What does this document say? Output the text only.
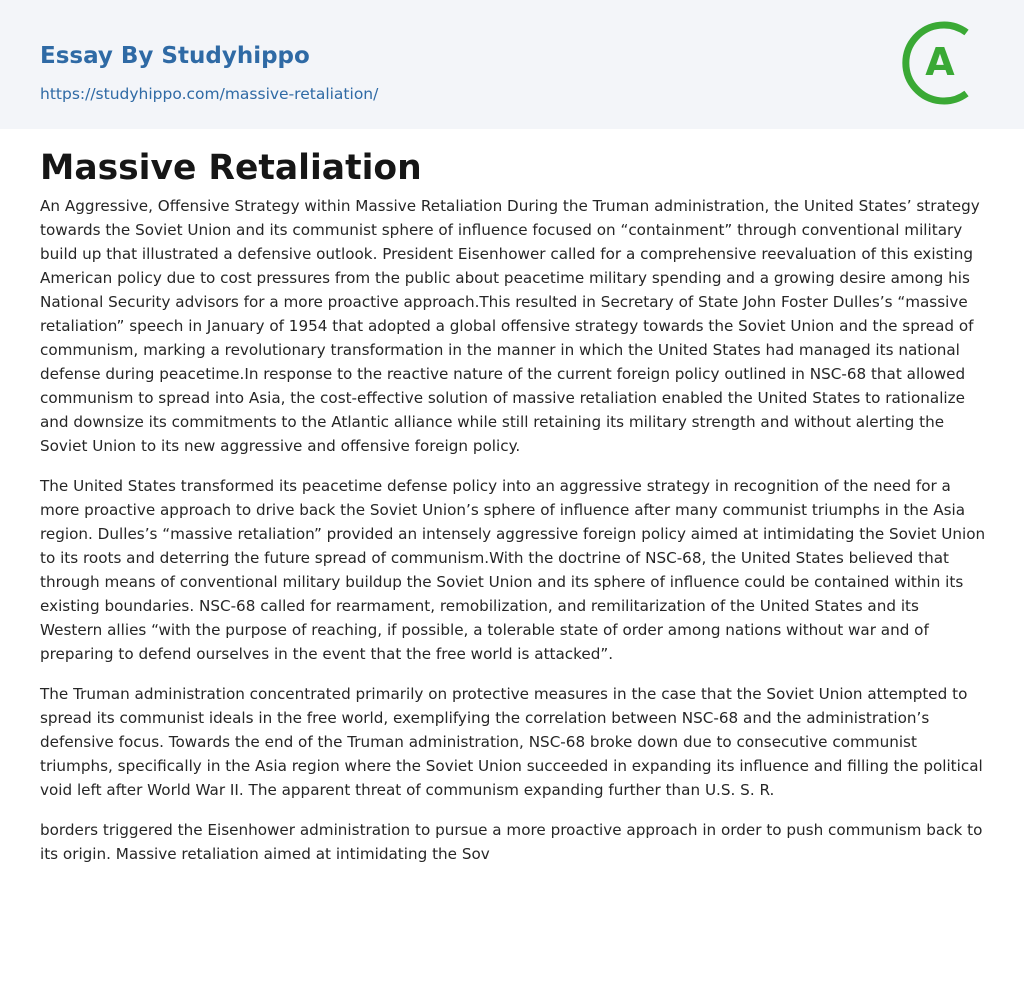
Essay By Studyhippo
https://studyhippo.com/massive-retaliation/
A
Massive Retaliation

An Aggressive, Offensive Strategy within Massive Retaliation During the Truman administration, the United States’ strategy towards the Soviet Union and its communist sphere of influence focused on “containment” through conventional military build up that illustrated a defensive outlook. President Eisenhower called for a comprehensive reevaluation of this existing American policy due to cost pressures from the public about peacetime military spending and a growing desire among his National Security advisors for a more proactive approach.This resulted in Secretary of State John Foster Dulles’s “massive retaliation” speech in January of 1954 that adopted a global offensive strategy towards the Soviet Union and the spread of communism, marking a revolutionary transformation in the manner in which the United States had managed its national defense during peacetime.In response to the reactive nature of the current foreign policy outlined in NSC-68 that allowed communism to spread into Asia, the cost-effective solution of massive retaliation enabled the United States to rationalize and downsize its commitments to the Atlantic alliance while still retaining its military strength and without alerting the Soviet Union to its new aggressive and offensive foreign policy.

The United States transformed its peacetime defense policy into an aggressive strategy in recognition of the need for a more proactive approach to drive back the Soviet Union’s sphere of influence after many communist triumphs in the Asia region. Dulles’s “massive retaliation” provided an intensely aggressive foreign policy aimed at intimidating the Soviet Union to its roots and deterring the future spread of communism.With the doctrine of NSC-68, the United States believed that through means of conventional military buildup the Soviet Union and its sphere of influence could be contained within its existing boundaries. NSC-68 called for rearmament, remobilization, and remilitarization of the United States and its Western allies “with the purpose of reaching, if possible, a tolerable state of order among nations without war and of preparing to defend ourselves in the event that the free world is attacked”.

The Truman administration concentrated primarily on protective measures in the case that the Soviet Union attempted to spread its communist ideals in the free world, exemplifying the correlation between NSC-68 and the administration’s defensive focus. Towards the end of the Truman administration, NSC-68 broke down due to consecutive communist triumphs, specifically in the Asia region where the Soviet Union succeeded in expanding its influence and filling the political void left after World War II. The apparent threat of communism expanding further than U.S. S. R.

borders triggered the Eisenhower administration to pursue a more proactive approach in order to push communism back to its origin. Massive retaliation aimed at intimidating the Sov
